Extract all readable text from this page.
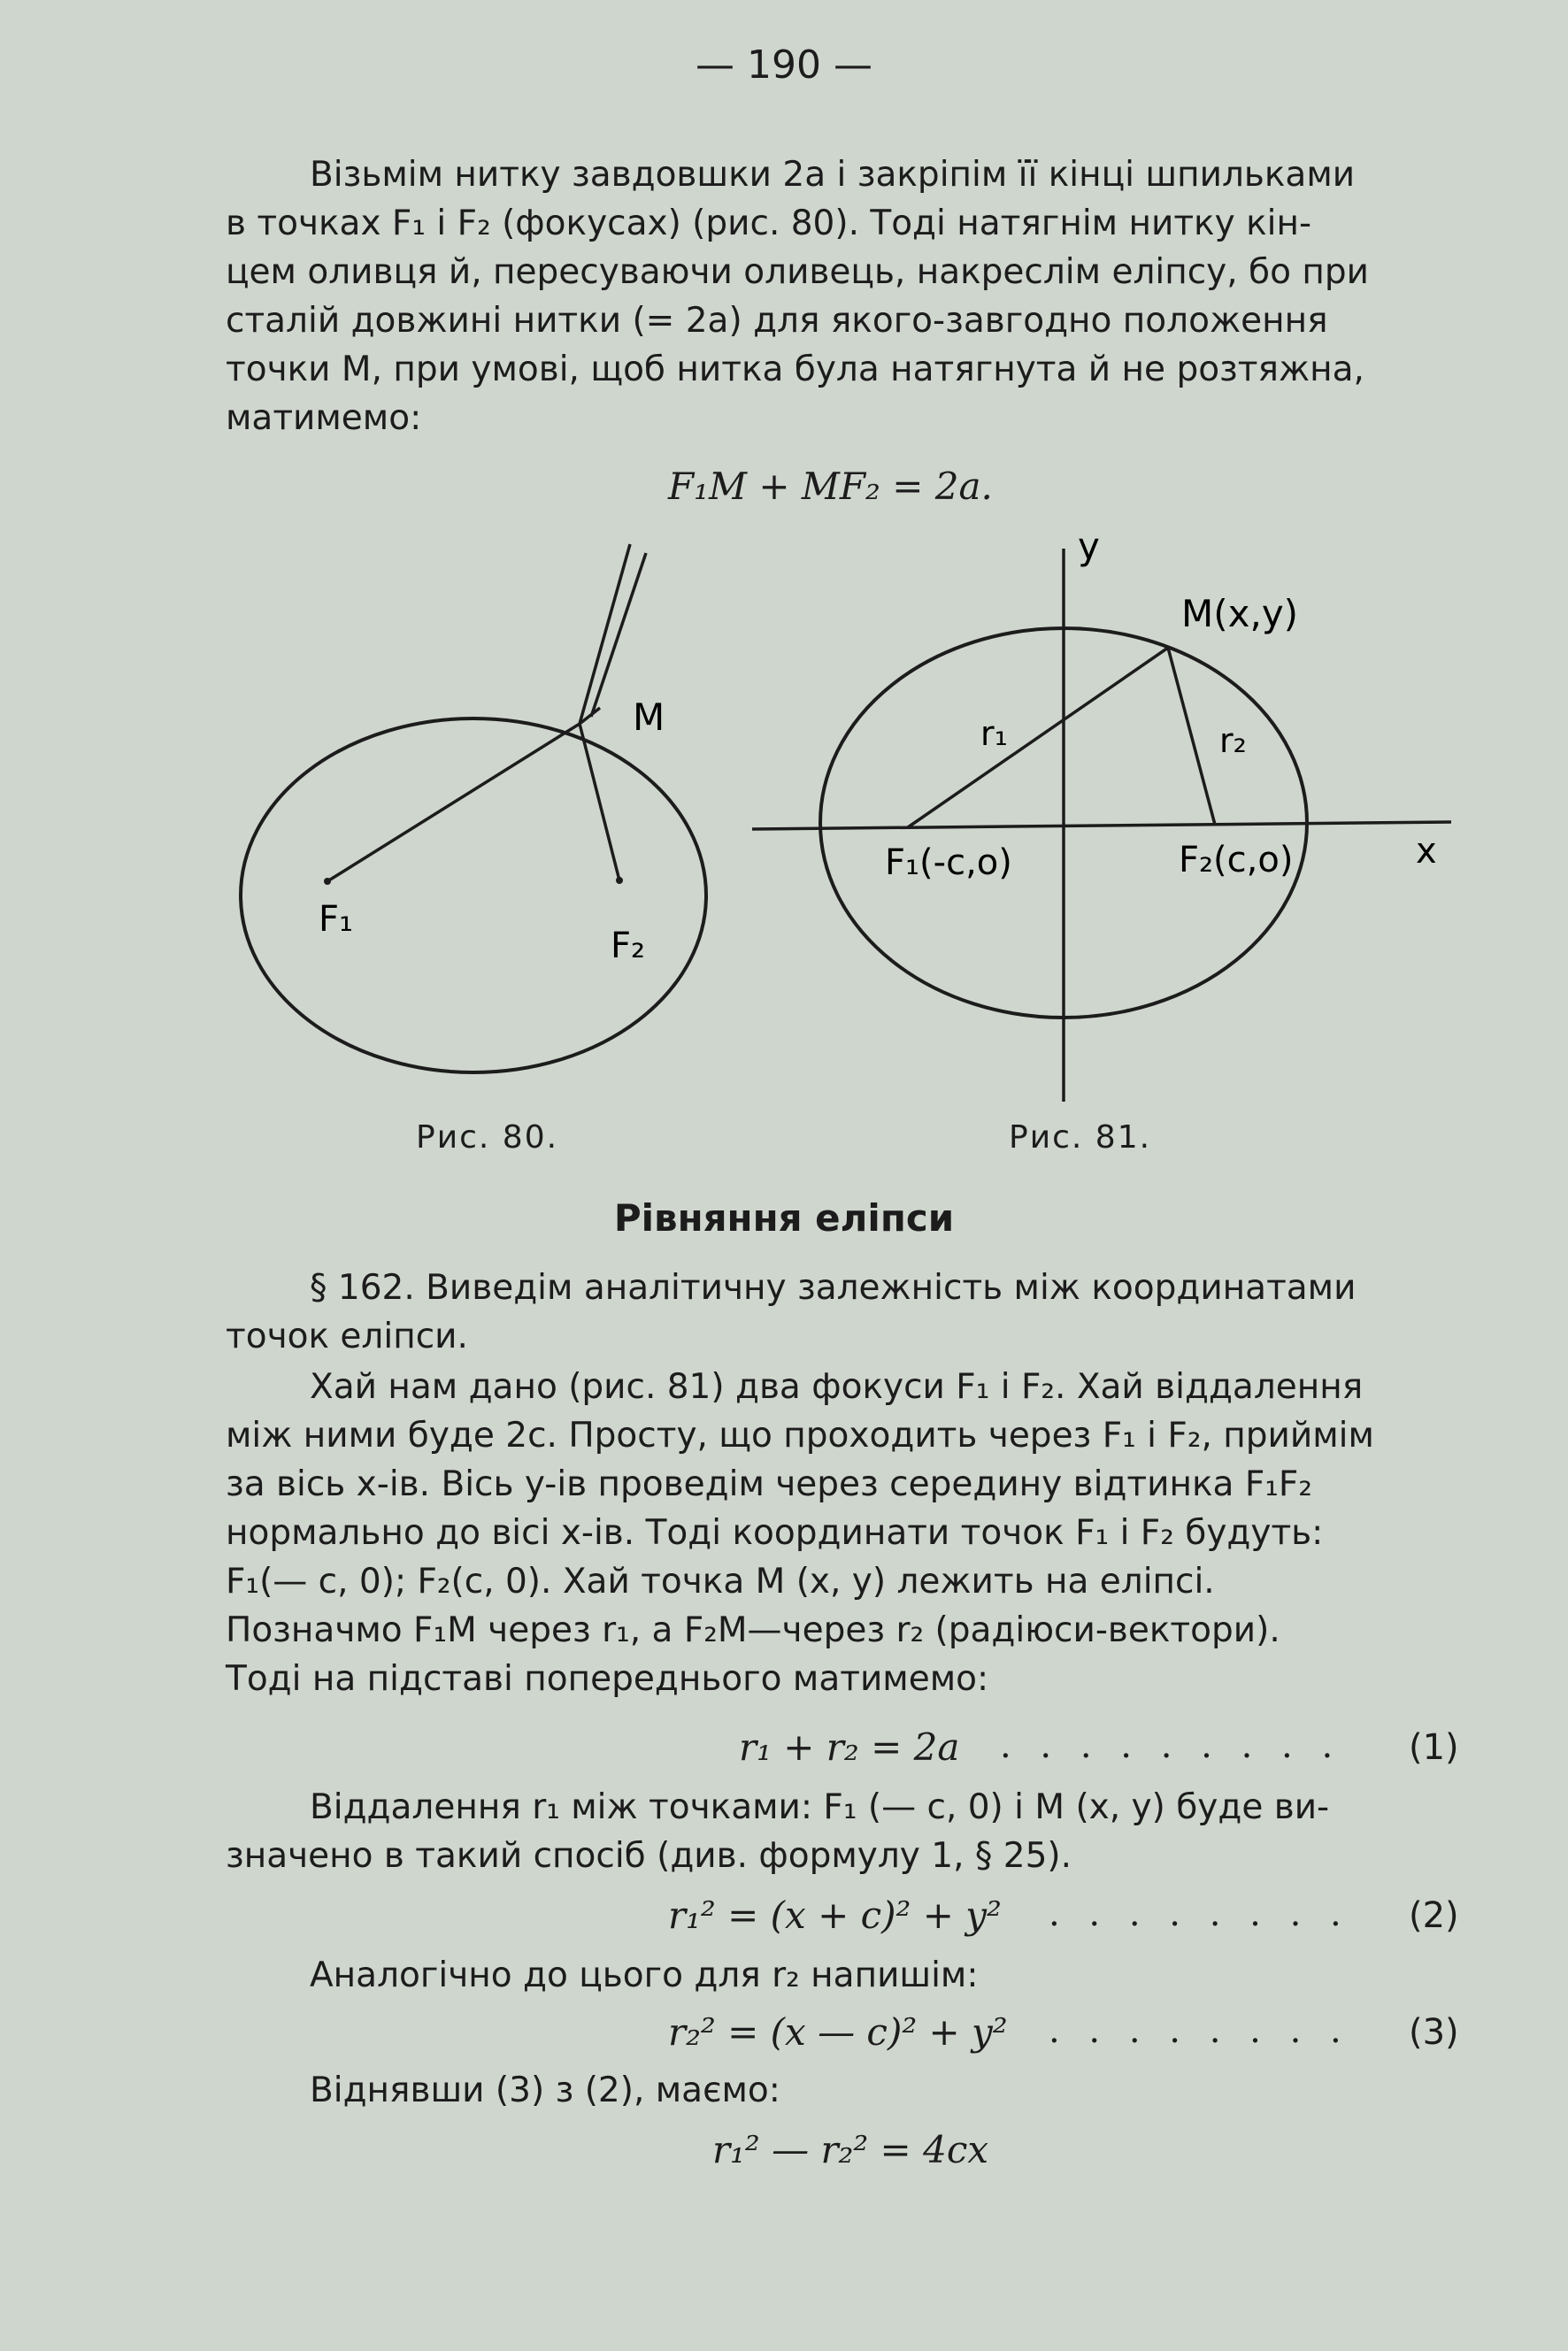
— 190 —
Візьмім нитку завдовшки 2a і закріпім її кінці шпильками
в точках F₁ і F₂ (фокусах) (рис. 80). Тоді натягнім нитку кін-
цем оливця й, пересуваючи оливець, накреслім еліпсу, бо при
сталій довжині нитки (= 2a) для якого-завгодно положення
точки M, при умові, щоб нитка була натягнута й не розтяжна,
матимемо:
F₁M + MF₂ = 2a.
M
F₁
F₂
y
x
M(x,y)
r₁	r₂
F₁(-c,o)	F₂(c,o)
Рис. 80.	Рис. 81.
Рівняння еліпси
§ 162. Виведім аналітичну залежність між координатами
точок еліпси.
Хай нам дано (рис. 81) два фокуси F₁ і F₂. Хай віддалення
між ними буде 2c. Просту, що проходить через F₁ і F₂, приймім
за вісь x-ів. Вісь y-ів проведім через середину відтинка F₁F₂
нормально до вісі x-ів. Тоді координати точок F₁ і F₂ будуть:
F₁(— c, 0); F₂(c, 0). Хай точка M (x, y) лежить на еліпсі.
Позначмо F₁M через r₁, а F₂M—через r₂ (радіюси-вектори).
Тоді на підставі попереднього матимемо:
r₁ + r₂ = 2a . . . . . . . . . (1)
Віддалення r₁ між точками: F₁ (— c, 0) і M (x, y) буде ви-
значено в такий спосіб (див. формулу 1, § 25).
r₁² = (x + c)² + y² . . . . . . . . (2)
Аналогічно до цього для r₂ напишім:
r₂² = (x — c)² + y² . . . . . . . . (3)
Віднявши (3) з (2), маємо:
r₁² — r₂² = 4cx
